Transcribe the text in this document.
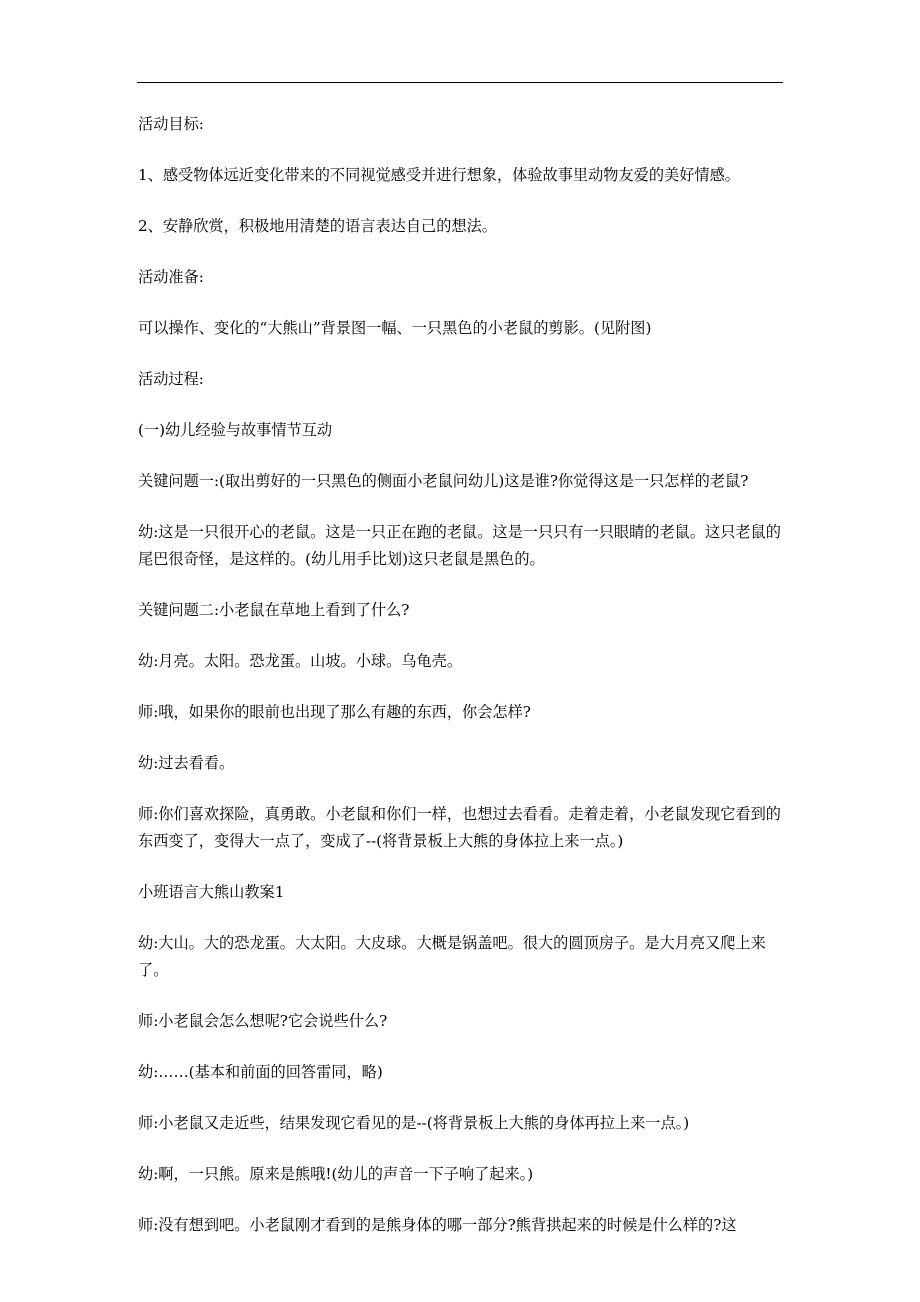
活动目标:

1、感受物体远近变化带来的不同视觉感受并进行想象，体验故事里动物友爱的美好情感。

2、安静欣赏，积极地用清楚的语言表达自己的想法。

活动准备:

可以操作、变化的“大熊山”背景图一幅、一只黑色的小老鼠的剪影。(见附图)

活动过程:

(一)幼儿经验与故事情节互动

关键问题一:(取出剪好的一只黑色的侧面小老鼠问幼儿)这是谁?你觉得这是一只怎样的老鼠?

幼:这是一只很开心的老鼠。这是一只正在跑的老鼠。这是一只只有一只眼睛的老鼠。这只老鼠的尾巴很奇怪，是这样的。(幼儿用手比划)这只老鼠是黑色的。

关键问题二:小老鼠在草地上看到了什么?

幼:月亮。太阳。恐龙蛋。山坡。小球。乌龟壳。

师:哦，如果你的眼前也出现了那么有趣的东西，你会怎样?

幼:过去看看。

师:你们喜欢探险，真勇敢。小老鼠和你们一样，也想过去看看。走着走着，小老鼠发现它看到的东西变了，变得大一点了，变成了--(将背景板上大熊的身体拉上来一点。)

小班语言大熊山教案1

幼:大山。大的恐龙蛋。大太阳。大皮球。大概是锅盖吧。很大的圆顶房子。是大月亮又爬上来了。

师:小老鼠会怎么想呢?它会说些什么?

幼:……(基本和前面的回答雷同，略)

师:小老鼠又走近些，结果发现它看见的是--(将背景板上大熊的身体再拉上来一点。)

幼:啊，一只熊。原来是熊哦!(幼儿的声音一下子响了起来。)

师:没有想到吧。小老鼠刚才看到的是熊身体的哪一部分?熊背拱起来的时候是什么样的?这
